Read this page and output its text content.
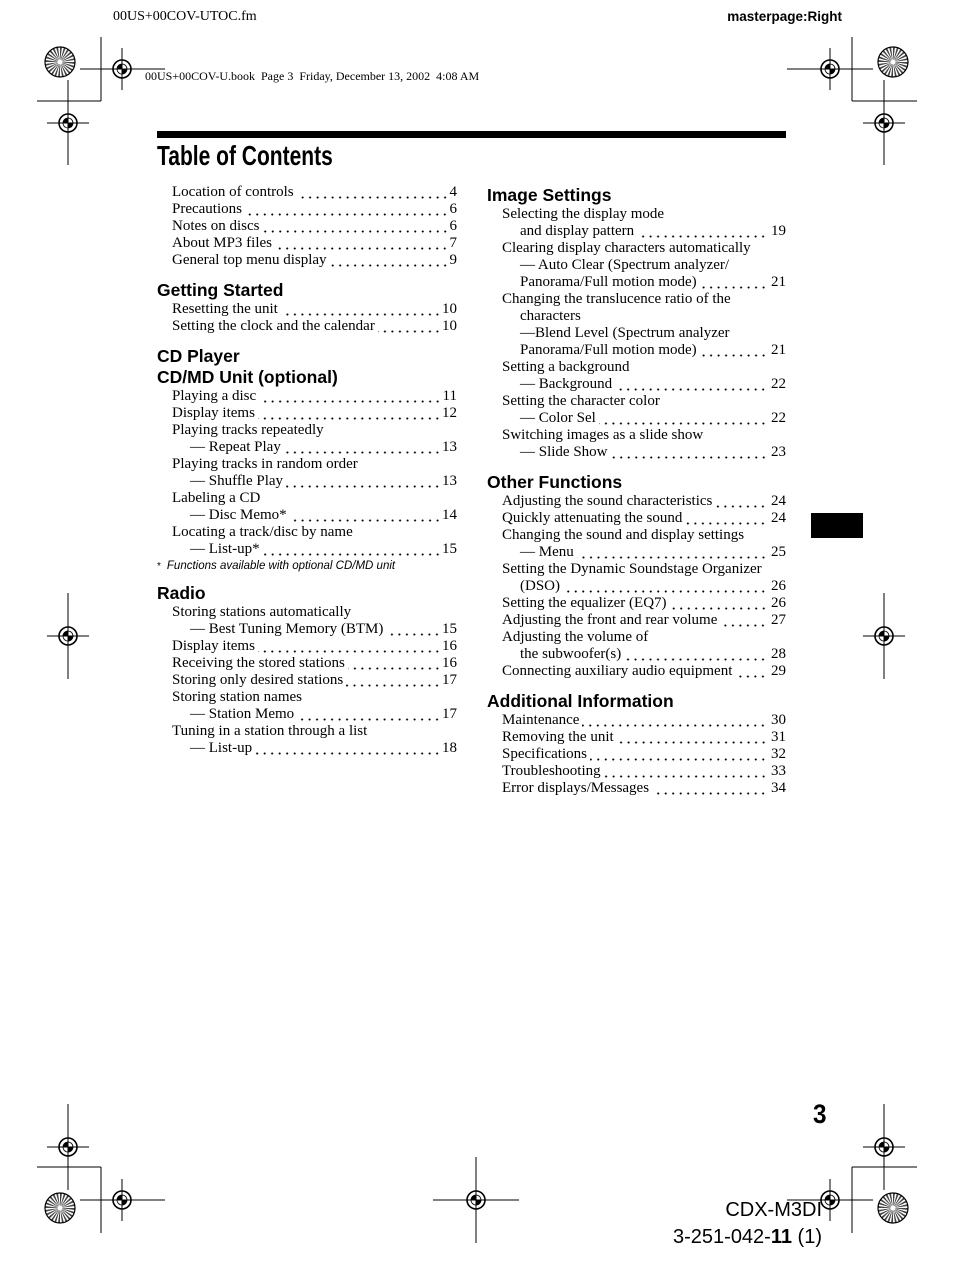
00US+00COV-UTOC.fm	masterpage:Right
00US+00COV-U.book  Page 3  Friday, December 13, 2002  4:08 AM
Table of Contents
Location of controls	4
Precautions	6
Notes on discs	6
About MP3 files	7
General top menu display	9
Getting Started
Resetting the unit	10
Setting the clock and the calendar	10
CD Player
CD/MD Unit (optional)
Playing a disc	11
Display items	12
Playing tracks repeatedly
— Repeat Play	13
Playing tracks in random order
— Shuffle Play	13
Labeling a CD
— Disc Memo*	14
Locating a track/disc by name
— List-up*	15
* Functions available with optional CD/MD unit
Radio
Storing stations automatically
— Best Tuning Memory (BTM)	15
Display items	16
Receiving the stored stations	16
Storing only desired stations	17
Storing station names
— Station Memo	17
Tuning in a station through a list
— List-up	18
Image Settings
Selecting the display mode
and display pattern	19
Clearing display characters automatically
— Auto Clear (Spectrum analyzer/
Panorama/Full motion mode)	21
Changing the translucence ratio of the
characters
—Blend Level (Spectrum analyzer
Panorama/Full motion mode)	21
Setting a background
— Background	22
Setting the character color
— Color Sel	22
Switching images as a slide show
— Slide Show	23
Other Functions
Adjusting the sound characteristics	24
Quickly attenuating the sound	24
Changing the sound and display settings
— Menu	25
Setting the Dynamic Soundstage Organizer
(DSO)	26
Setting the equalizer (EQ7)	26
Adjusting the front and rear volume	27
Adjusting the volume of
the subwoofer(s)	28
Connecting auxiliary audio equipment	29
Additional Information
Maintenance	30
Removing the unit	31
Specifications	32
Troubleshooting	33
Error displays/Messages	34
3
CDX-M3DI
3-251-042-11 (1)
